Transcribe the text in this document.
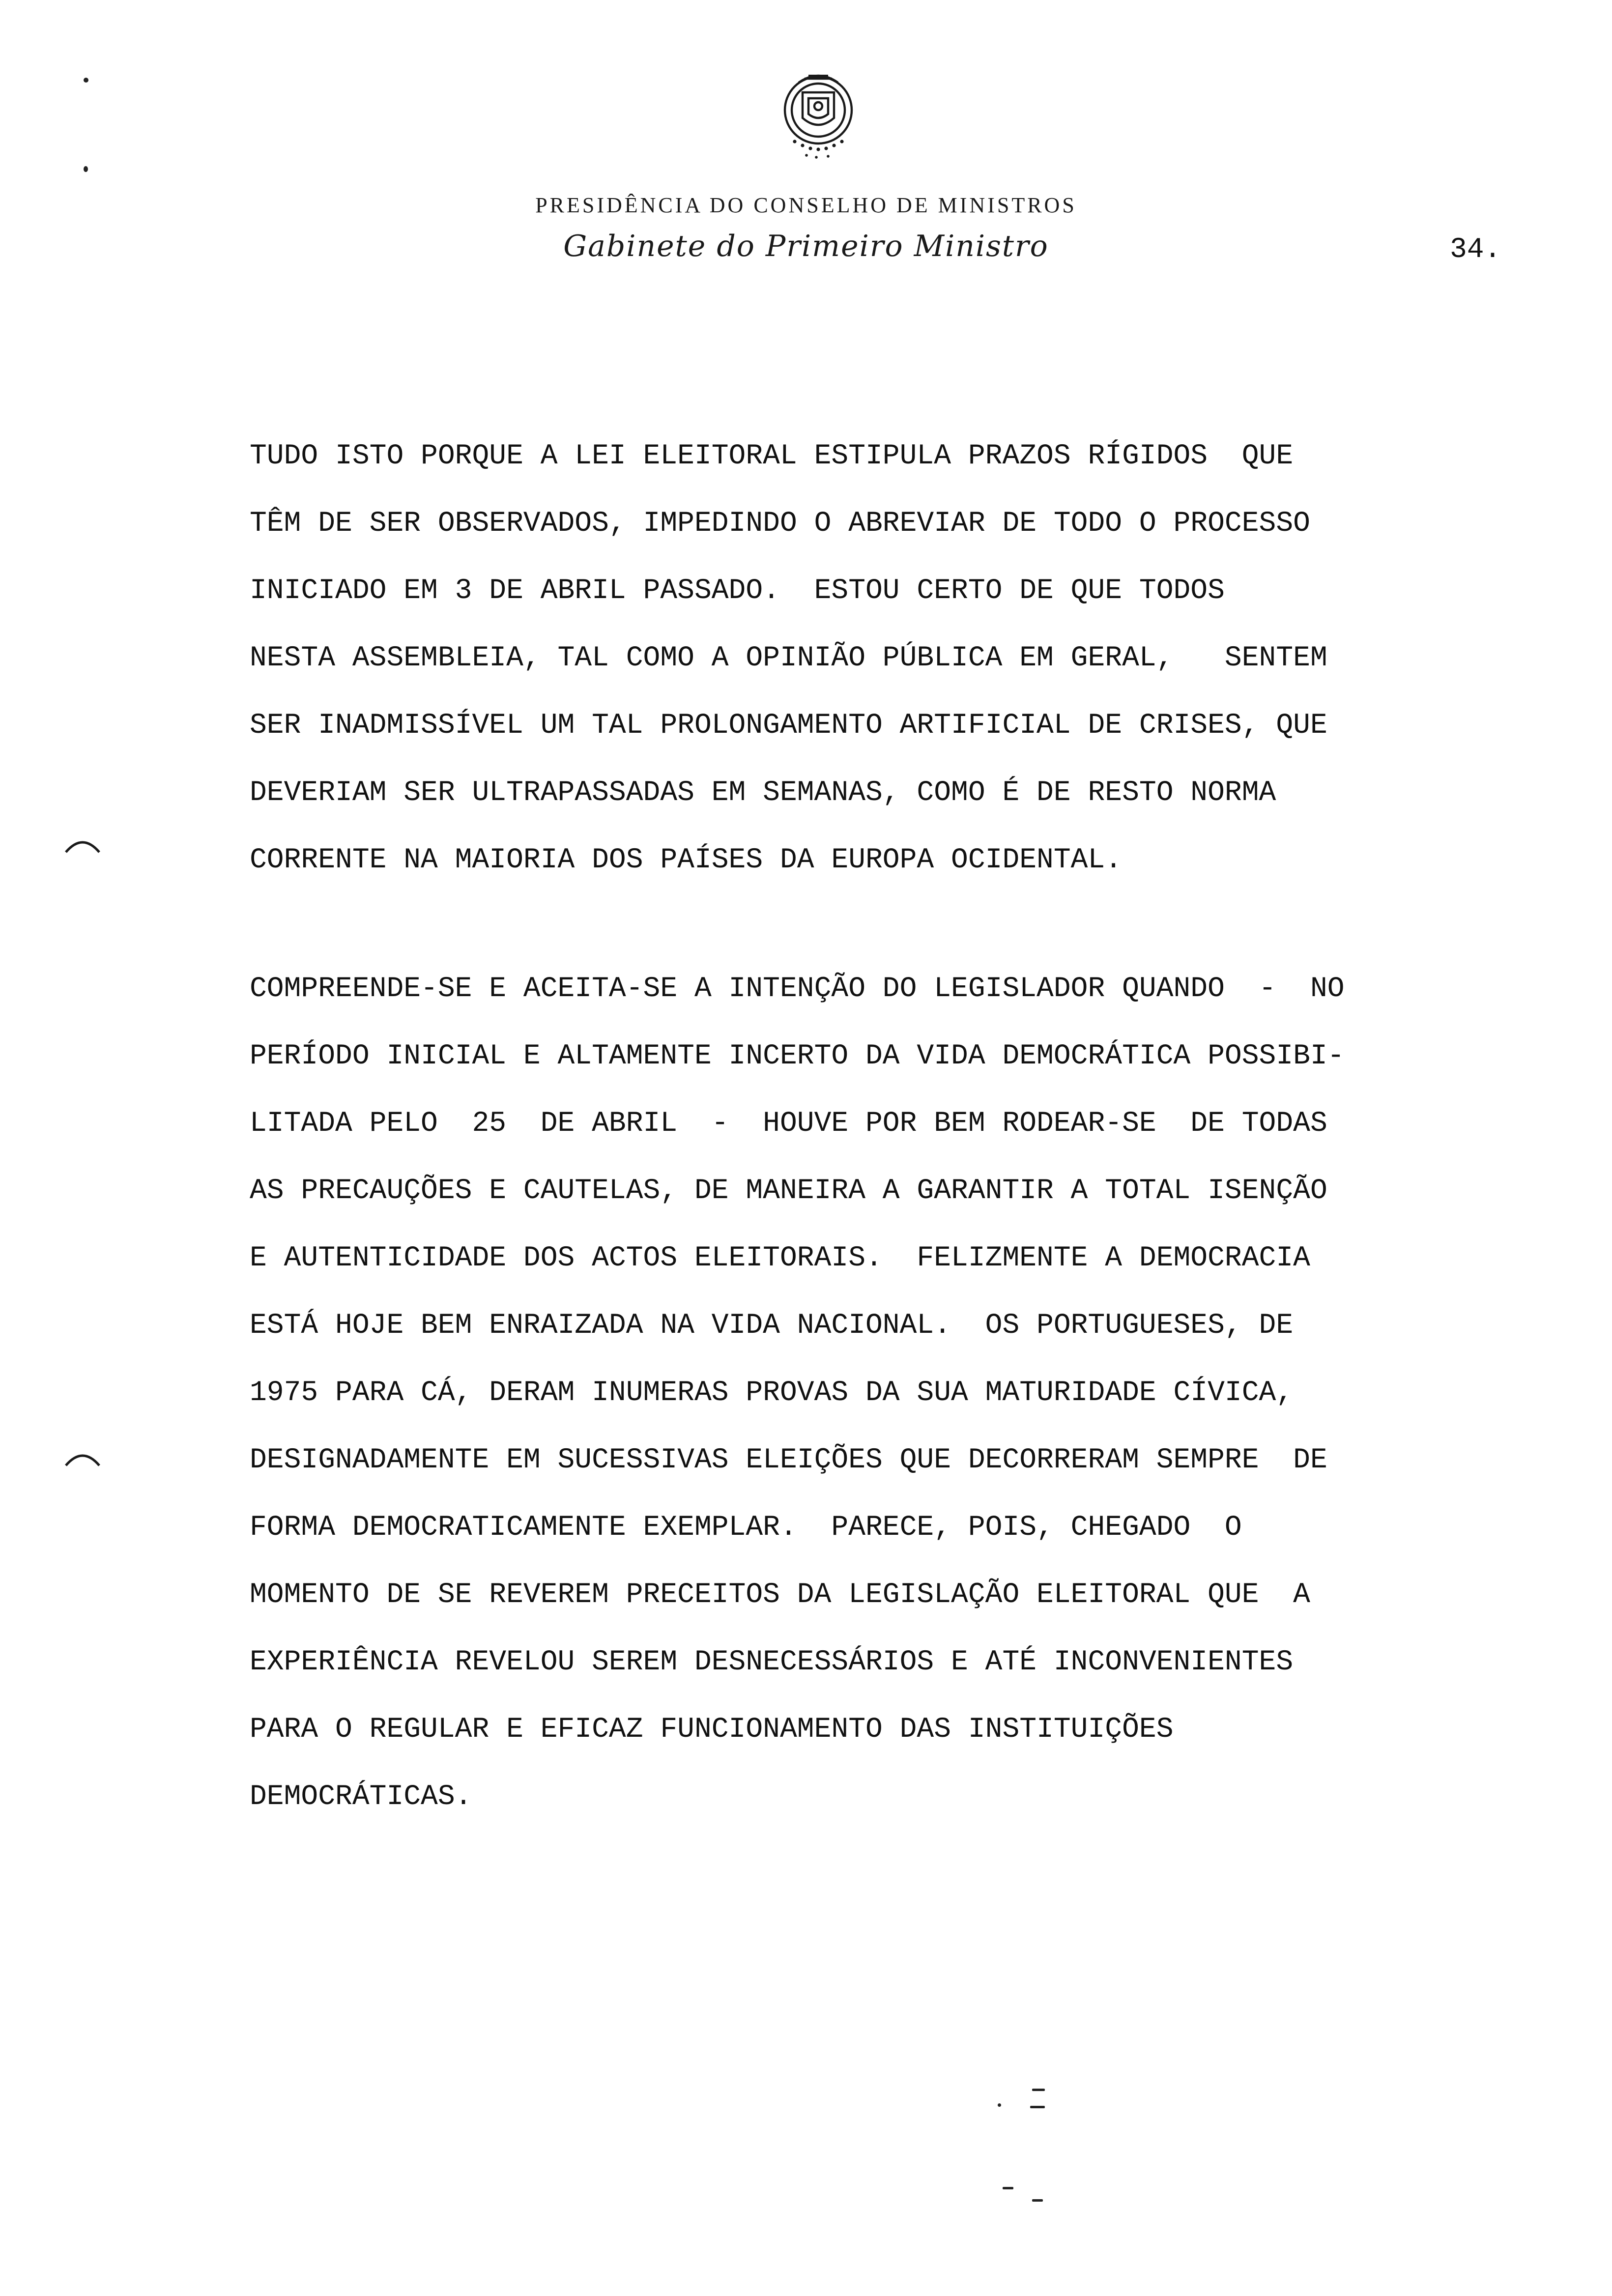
PRESIDÊNCIA DO CONSELHO DE MINISTROS
Gabinete do Primeiro Ministro	34.
TUDO ISTO PORQUE A LEI ELEITORAL ESTIPULA PRAZOS RÍGIDOS  QUE
TÊM DE SER OBSERVADOS, IMPEDINDO O ABREVIAR DE TODO O PROCESSO
INICIADO EM 3 DE ABRIL PASSADO.  ESTOU CERTO DE QUE TODOS
NESTA ASSEMBLEIA, TAL COMO A OPINIÃO PÚBLICA EM GERAL,   SENTEM
SER INADMISSÍVEL UM TAL PROLONGAMENTO ARTIFICIAL DE CRISES, QUE
DEVERIAM SER ULTRAPASSADAS EM SEMANAS, COMO É DE RESTO NORMA
CORRENTE NA MAIORIA DOS PAÍSES DA EUROPA OCIDENTAL.
COMPREENDE-SE E ACEITA-SE A INTENÇÃO DO LEGISLADOR QUANDO  -  NO
PERÍODO INICIAL E ALTAMENTE INCERTO DA VIDA DEMOCRÁTICA POSSIBI-
LITADA PELO  25  DE ABRIL  -  HOUVE POR BEM RODEAR-SE  DE TODAS
AS PRECAUÇÕES E CAUTELAS, DE MANEIRA A GARANTIR A TOTAL ISENÇÃO
E AUTENTICIDADE DOS ACTOS ELEITORAIS.  FELIZMENTE A DEMOCRACIA
ESTÁ HOJE BEM ENRAIZADA NA VIDA NACIONAL.  OS PORTUGUESES, DE
1975 PARA CÁ, DERAM INUMERAS PROVAS DA SUA MATURIDADE CÍVICA,
DESIGNADAMENTE EM SUCESSIVAS ELEIÇÕES QUE DECORRERAM SEMPRE  DE
FORMA DEMOCRATICAMENTE EXEMPLAR.  PARECE, POIS, CHEGADO  O
MOMENTO DE SE REVEREM PRECEITOS DA LEGISLAÇÃO ELEITORAL QUE  A
EXPERIÊNCIA REVELOU SEREM DESNECESSÁRIOS E ATÉ INCONVENIENTES
PARA O REGULAR E EFICAZ FUNCIONAMENTO DAS INSTITUIÇÕES
DEMOCRÁTICAS.
